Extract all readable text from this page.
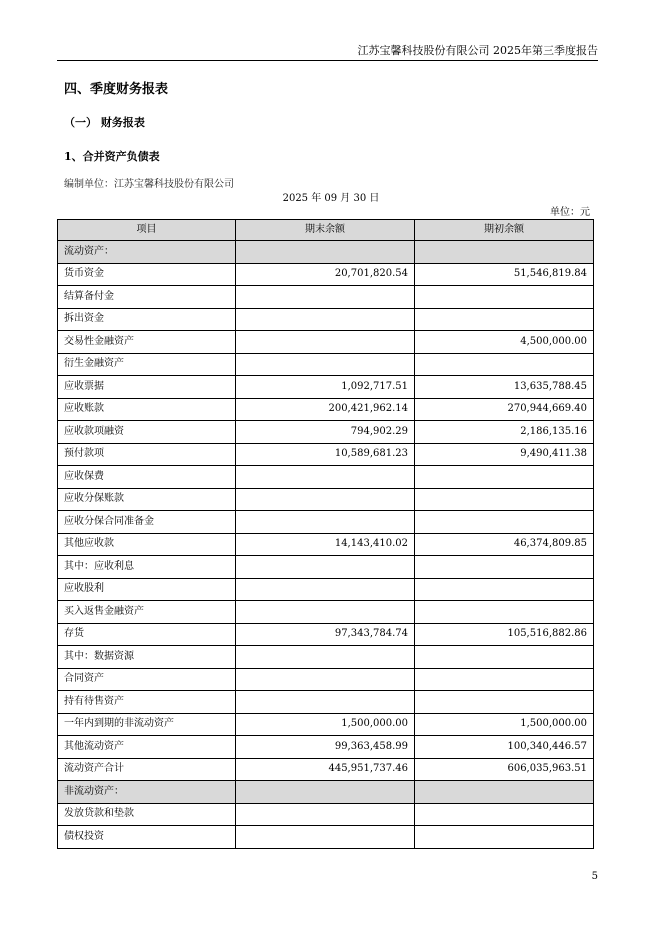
江苏宝馨科技股份有限公司 2025年第三季度报告
四、季度财务报表
（一） 财务报表
1、合并资产负债表
编制单位：江苏宝馨科技股份有限公司
2025 年 09 月 30 日
单位：元
项目	期末余额	期初余额
流动资产：		
货币资金	20,701,820.54	51,546,819.84
结算备付金		
拆出资金		
交易性金融资产		4,500,000.00
衍生金融资产		
应收票据	1,092,717.51	13,635,788.45
应收账款	200,421,962.14	270,944,669.40
应收款项融资	794,902.29	2,186,135.16
预付款项	10,589,681.23	9,490,411.38
应收保费		
应收分保账款		
应收分保合同准备金		
其他应收款	14,143,410.02	46,374,809.85
其中：应收利息		
应收股利		
买入返售金融资产		
存货	97,343,784.74	105,516,882.86
其中：数据资源		
合同资产		
持有待售资产		
一年内到期的非流动资产	1,500,000.00	1,500,000.00
其他流动资产	99,363,458.99	100,340,446.57
流动资产合计	445,951,737.46	606,035,963.51
非流动资产：		
发放贷款和垫款		
债权投资		
5
